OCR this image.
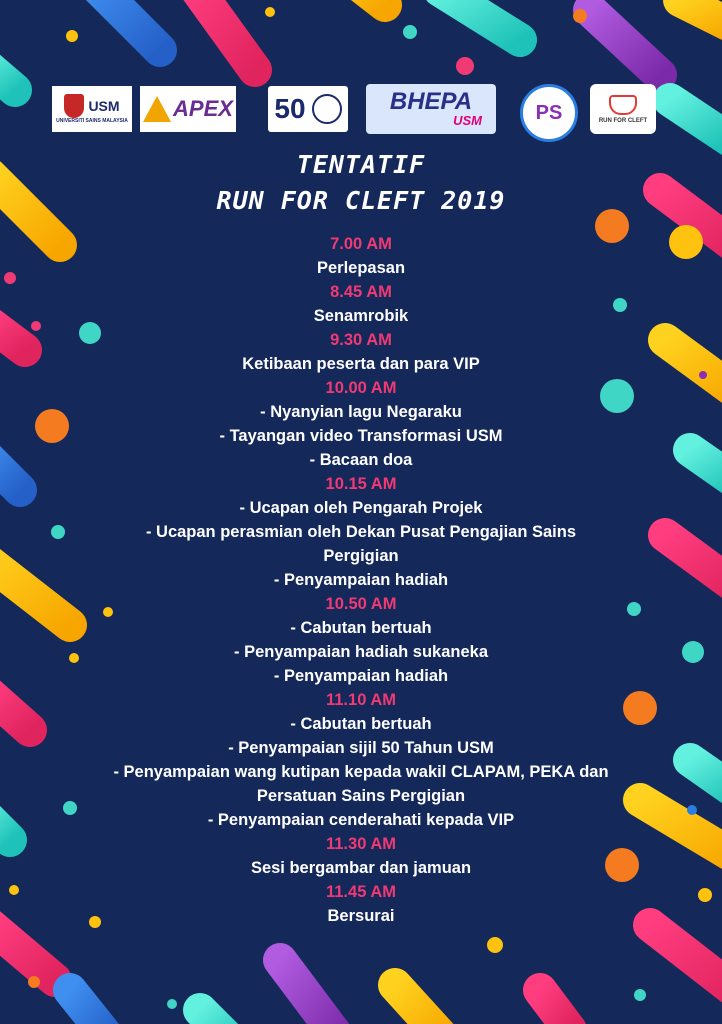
USM
UNIVERSITI SAINS MALAYSIA APEX 50	BHEPA
USM	PS	RUN FOR CLEFT
TENTATIF
RUN FOR CLEFT 2019
7.00 AM
Perlepasan
8.45 AM
Senamrobik
9.30 AM
Ketibaan peserta dan para VIP
10.00 AM
- Nyanyian lagu Negaraku
- Tayangan video Transformasi USM
- Bacaan doa
10.15 AM
- Ucapan oleh Pengarah Projek
- Ucapan perasmian oleh Dekan Pusat Pengajian Sains
Pergigian
- Penyampaian hadiah
10.50 AM
- Cabutan bertuah
- Penyampaian hadiah sukaneka
- Penyampaian hadiah
11.10 AM
- Cabutan bertuah
- Penyampaian sijil 50 Tahun USM
- Penyampaian wang kutipan kepada wakil CLAPAM, PEKA dan
Persatuan Sains Pergigian
- Penyampaian cenderahati kepada VIP
11.30 AM
Sesi bergambar dan jamuan
11.45 AM
Bersurai
